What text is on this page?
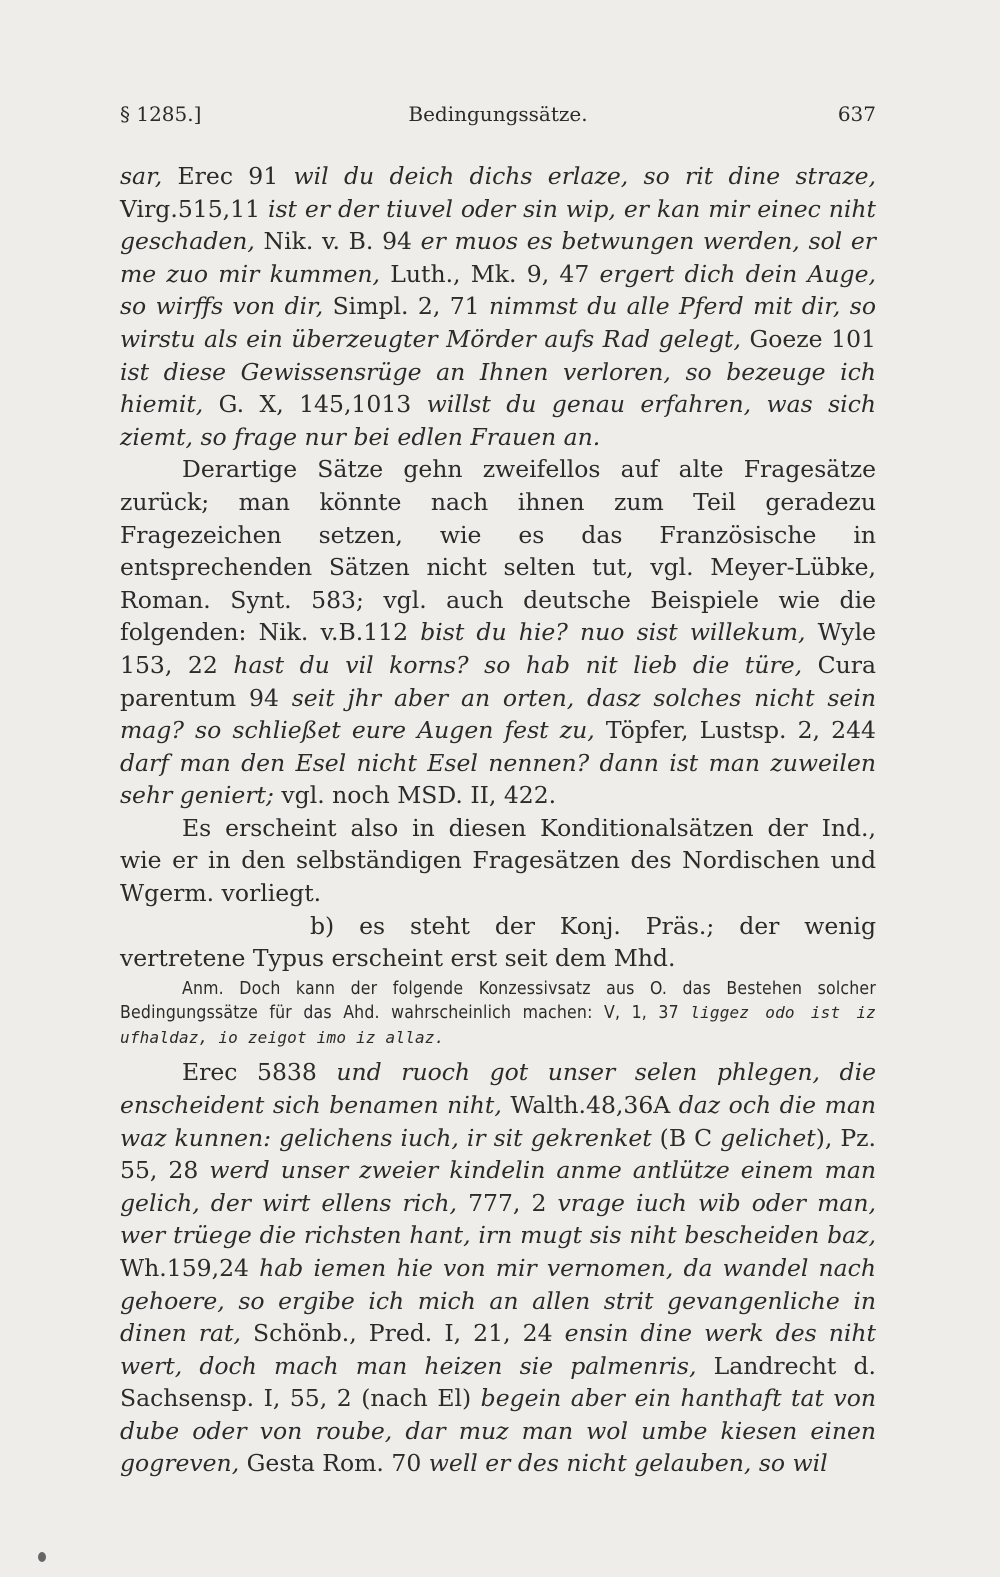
§ 1285.]	Bedingungssätze.	637

sar, Erec 91 wil du deich dichs erlaze, so rit dine straze, Virg.515,11 ist er der tiuvel oder sin wip, er kan mir einec niht geschaden, Nik. v. B. 94 er muos es betwungen werden, sol er me zuo mir kummen, Luth., Mk. 9, 47 ergert dich dein Auge, so wirffs von dir, Simpl. 2, 71 nimmst du alle Pferd mit dir, so wirstu als ein überzeugter Mörder aufs Rad gelegt, Goeze 101 ist diese Gewissensrüge an Ihnen verloren, so bezeuge ich hiemit, G. X, 145,1013 willst du genau erfahren, was sich ziemt, so frage nur bei edlen Frauen an.

Derartige Sätze gehn zweifellos auf alte Fragesätze zurück; man könnte nach ihnen zum Teil geradezu Fragezeichen setzen, wie es das Französische in entsprechenden Sätzen nicht selten tut, vgl. Meyer-Lübke, Roman. Synt. 583; vgl. auch deutsche Beispiele wie die folgenden: Nik. v.B.112 bist du hie? nuo sist willekum, Wyle 153, 22 hast du vil korns? so hab nit lieb die türe, Cura parentum 94 seit jhr aber an orten, dasz solches nicht sein mag? so schließet eure Augen fest zu, Töpfer, Lustsp. 2, 244 darf man den Esel nicht Esel nennen? dann ist man zuweilen sehr geniert; vgl. noch MSD. II, 422.

Es erscheint also in diesen Konditionalsätzen der Ind., wie er in den selbständigen Fragesätzen des Nordischen und Wgerm. vorliegt.

b) es steht der Konj. Präs.; der wenig vertretene Typus erscheint erst seit dem Mhd.

Anm. Doch kann der folgende Konzessivsatz aus O. das Bestehen solcher Bedingungssätze für das Ahd. wahrscheinlich machen: V, 1, 37 liggez odo ist iz ufhaldaz, io zeigot imo iz allaz.

Erec 5838 und ruoch got unser selen phlegen, die enscheident sich benamen niht, Walth.48,36A daz och die man waz kunnen: gelichens iuch, ir sit gekrenket (B C gelichet), Pz. 55, 28 werd unser zweier kindelin anme antlütze einem man gelich, der wirt ellens rich, 777, 2 vrage iuch wib oder man, wer trüege die richsten hant, irn mugt sis niht bescheiden baz, Wh.159,24 hab iemen hie von mir vernomen, da wandel nach gehoere, so ergibe ich mich an allen strit gevangenliche in dinen rat, Schönb., Pred. I, 21, 24 ensin dine werk des niht wert, doch mach man heizen sie palmenris, Landrecht d. Sachsensp. I, 55, 2 (nach El) begein aber ein hanthaft tat von dube oder von roube, dar muz man wol umbe kiesen einen gogreven, Gesta Rom. 70 well er des nicht gelauben, so wil
